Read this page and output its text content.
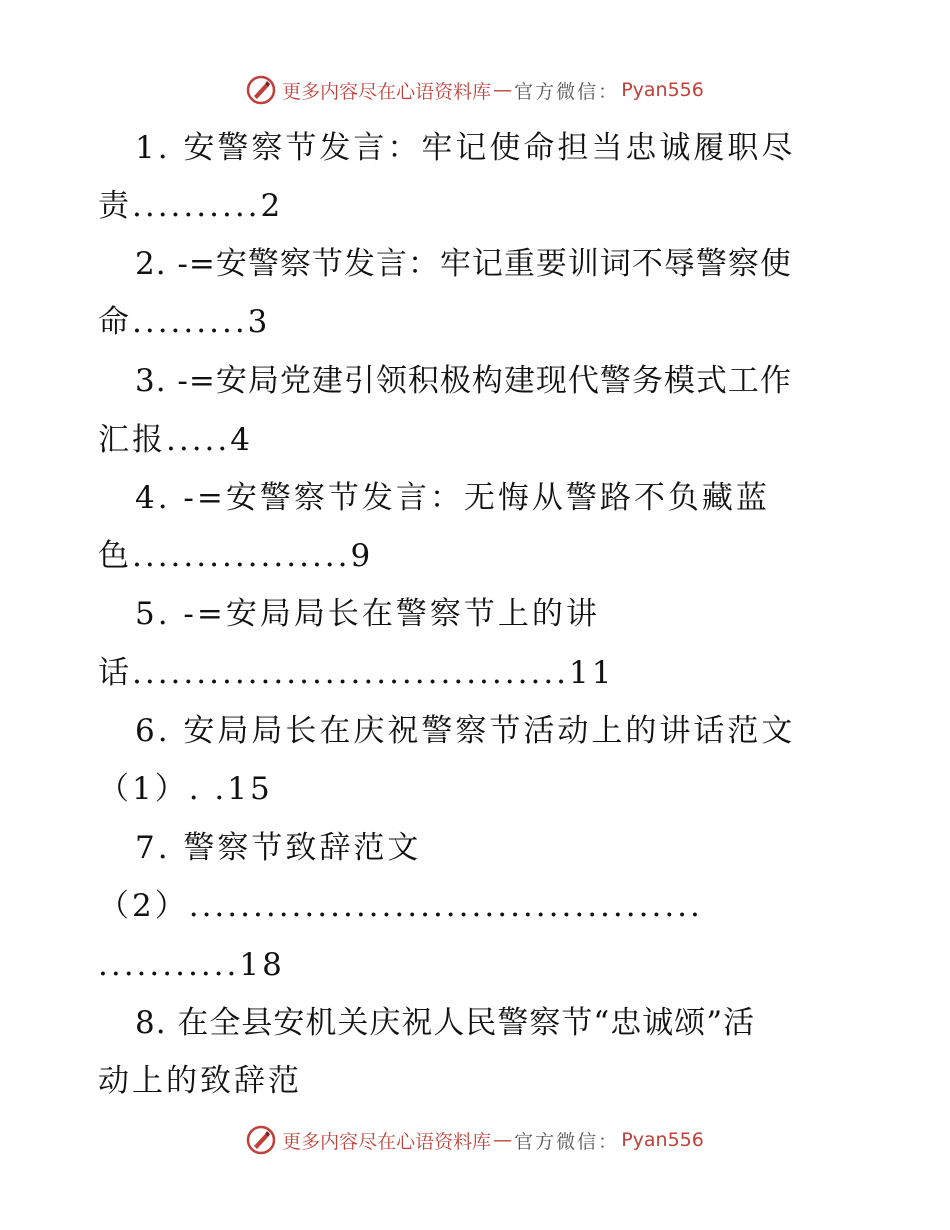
更多内容尽在心语资料库 — 官方微信： Pyan556
1. 安警察节发言：牢记使命担当忠诚履职尽
责..........2
2. -=安警察节发言：牢记重要训词不辱警察使
命.........3
3. -=安局党建引领积极构建现代警务模式工作
汇报.....4
4. -=安警察节发言：无悔从警路不负藏蓝
色.................9
5. -=安局局长在警察节上的讲
话..................................11
6. 安局局长在庆祝警察节活动上的讲话范文
（1）. .15
7. 警察节致辞范文
（2）........................................
...........18
8. 在全县安机关庆祝人民警察节“忠诚颂”活
动上的致辞范
更多内容尽在心语资料库 — 官方微信： Pyan556
